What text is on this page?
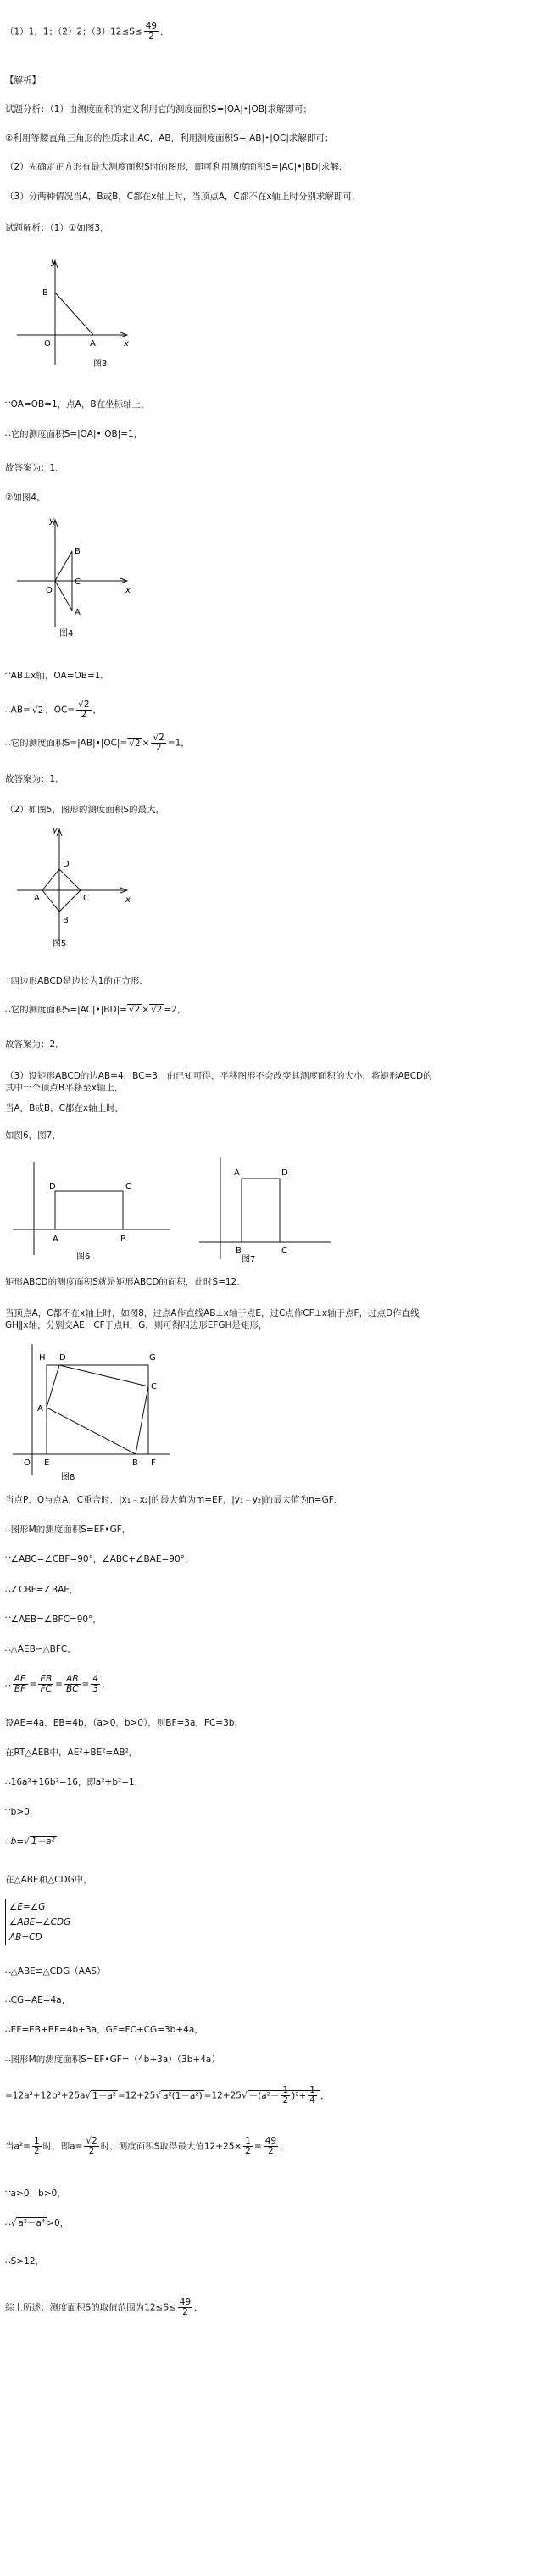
（1）1，1；（2）2；$(3)12\le S\le \frac{49}{2}$ ．
【解析】
试题分析：（1）由测度面积的定义利用它的测度面积S=|OA|•|OB|求解即可；
②利用等腰直角三角形的性质求出AC，AB，利用测度面积S=|AB|•|OC|求解即可；
（2）先确定正方形有最大测度面积S时的图形，即可利用测度面积S=|AC|•|BD|求解．
（3）分两种情况当A，B或B，C都在x轴上时，当顶点A，C都不在x轴上时分别求解即可．
试题解析：（1）①如图3，
y
x
B
O	A
图3
∵OA=OB=1，点A，B在坐标轴上，
∴它的测度面积S=|OA|•|OB|=1，
故答案为：1．
②如图4，
y
x
B
C
A
O
图4
∵AB⊥x轴，OA=OB=1．
∴AB= √2 ，$OC= \frac{√2}{2}$ ，
∴它的测度面积S=|AB|•|OC|= $√2 \times \frac{√2}{2} =1$，
故答案为：1．
（2）如图5，图形的测度面积S的最大，
y
x
A
D
C
B
图5
∵四边形ABCD是边长为1的正方形．
∴它的测度面积S=|AC|•|BD|= √2 × √2 =2，
故答案为：2．
（3）设矩形ABCD的边AB=4，BC=3，由已知可得，平移图形不会改变其测度面积的大小，将矩形ABCD的
其中一个顶点B平移至x轴上，
当A，B或B，C都在x轴上时，
如图6，图7，
D	C
A	B
图6
A	D
B	C
图7
矩形ABCD的测度面积S就是矩形ABCD的面积，此时S=12．
当顶点A，C都不在x轴上时，如图8，过点A作直线AB⊥x轴于点E，过C点作CF⊥x轴于点F，过点D作直线
GH∥x轴，分别交AE，CF于点H，G，则可得四边形EFGH是矩形，
H D	G
A
C
O E	B F
图8
当点P，Q与点A，C重合时，|x₁﹣x₂|的最大值为m=EF，|y₁﹣y₂|的最大值为n=GF．
∴图形M的测度面积S=EF•GF，
∵∠ABC=∠CBF=90°，∠ABC+∠BAE=90°，
∴∠CBF=∠BAE，
∵∠AEB=∠BFC=90°，
∴△AEB∽△BFC，
∴ $\frac{AE}{BF} = \frac{EB}{FC} = \frac{AB}{BC} = \frac{4}{3}$ ，
设AE=4a，EB=4b，（a>0，b>0），则BF=3a，FC=3b，
在RT△AEB中，AE²+BE²=AB²，
∴16a²+16b²=16，即a²+b²=1，
∵b>0，
∴b=√ 1－a²
在△ABE和△CDG中，
∠E=∠G
∠ABE=∠CDG
AB=CD
∴△ABE≌△CDG（AAS）
∴CG=AE=4a，
∴EF=EB+BF=4b+3a，GF=FC+CG=3b+4a，
∴图形M的测度面积S=EF•GF=（4b+3a）（3b+4a）
=12a²+12b²+25a√ 1－a² =12+25√ $a^2(1-a^2) =12+25√ -(a^2- \frac{1}{2} )^2+ \frac{1}{4}$ ，
当$a^2= \frac{1}{2}$ 时，即$a= \frac{√2}{2}$ 时，测度面积S取得最大值$12+25\times \frac{1}{2} = \frac{49}{2}$ ，
∵a>0，b>0，
∴√ a²－a⁴ >0，
∴S>12，
综上所述：测度面积S的取值范围为$12\le S\le \frac{49}{2}$ ．
